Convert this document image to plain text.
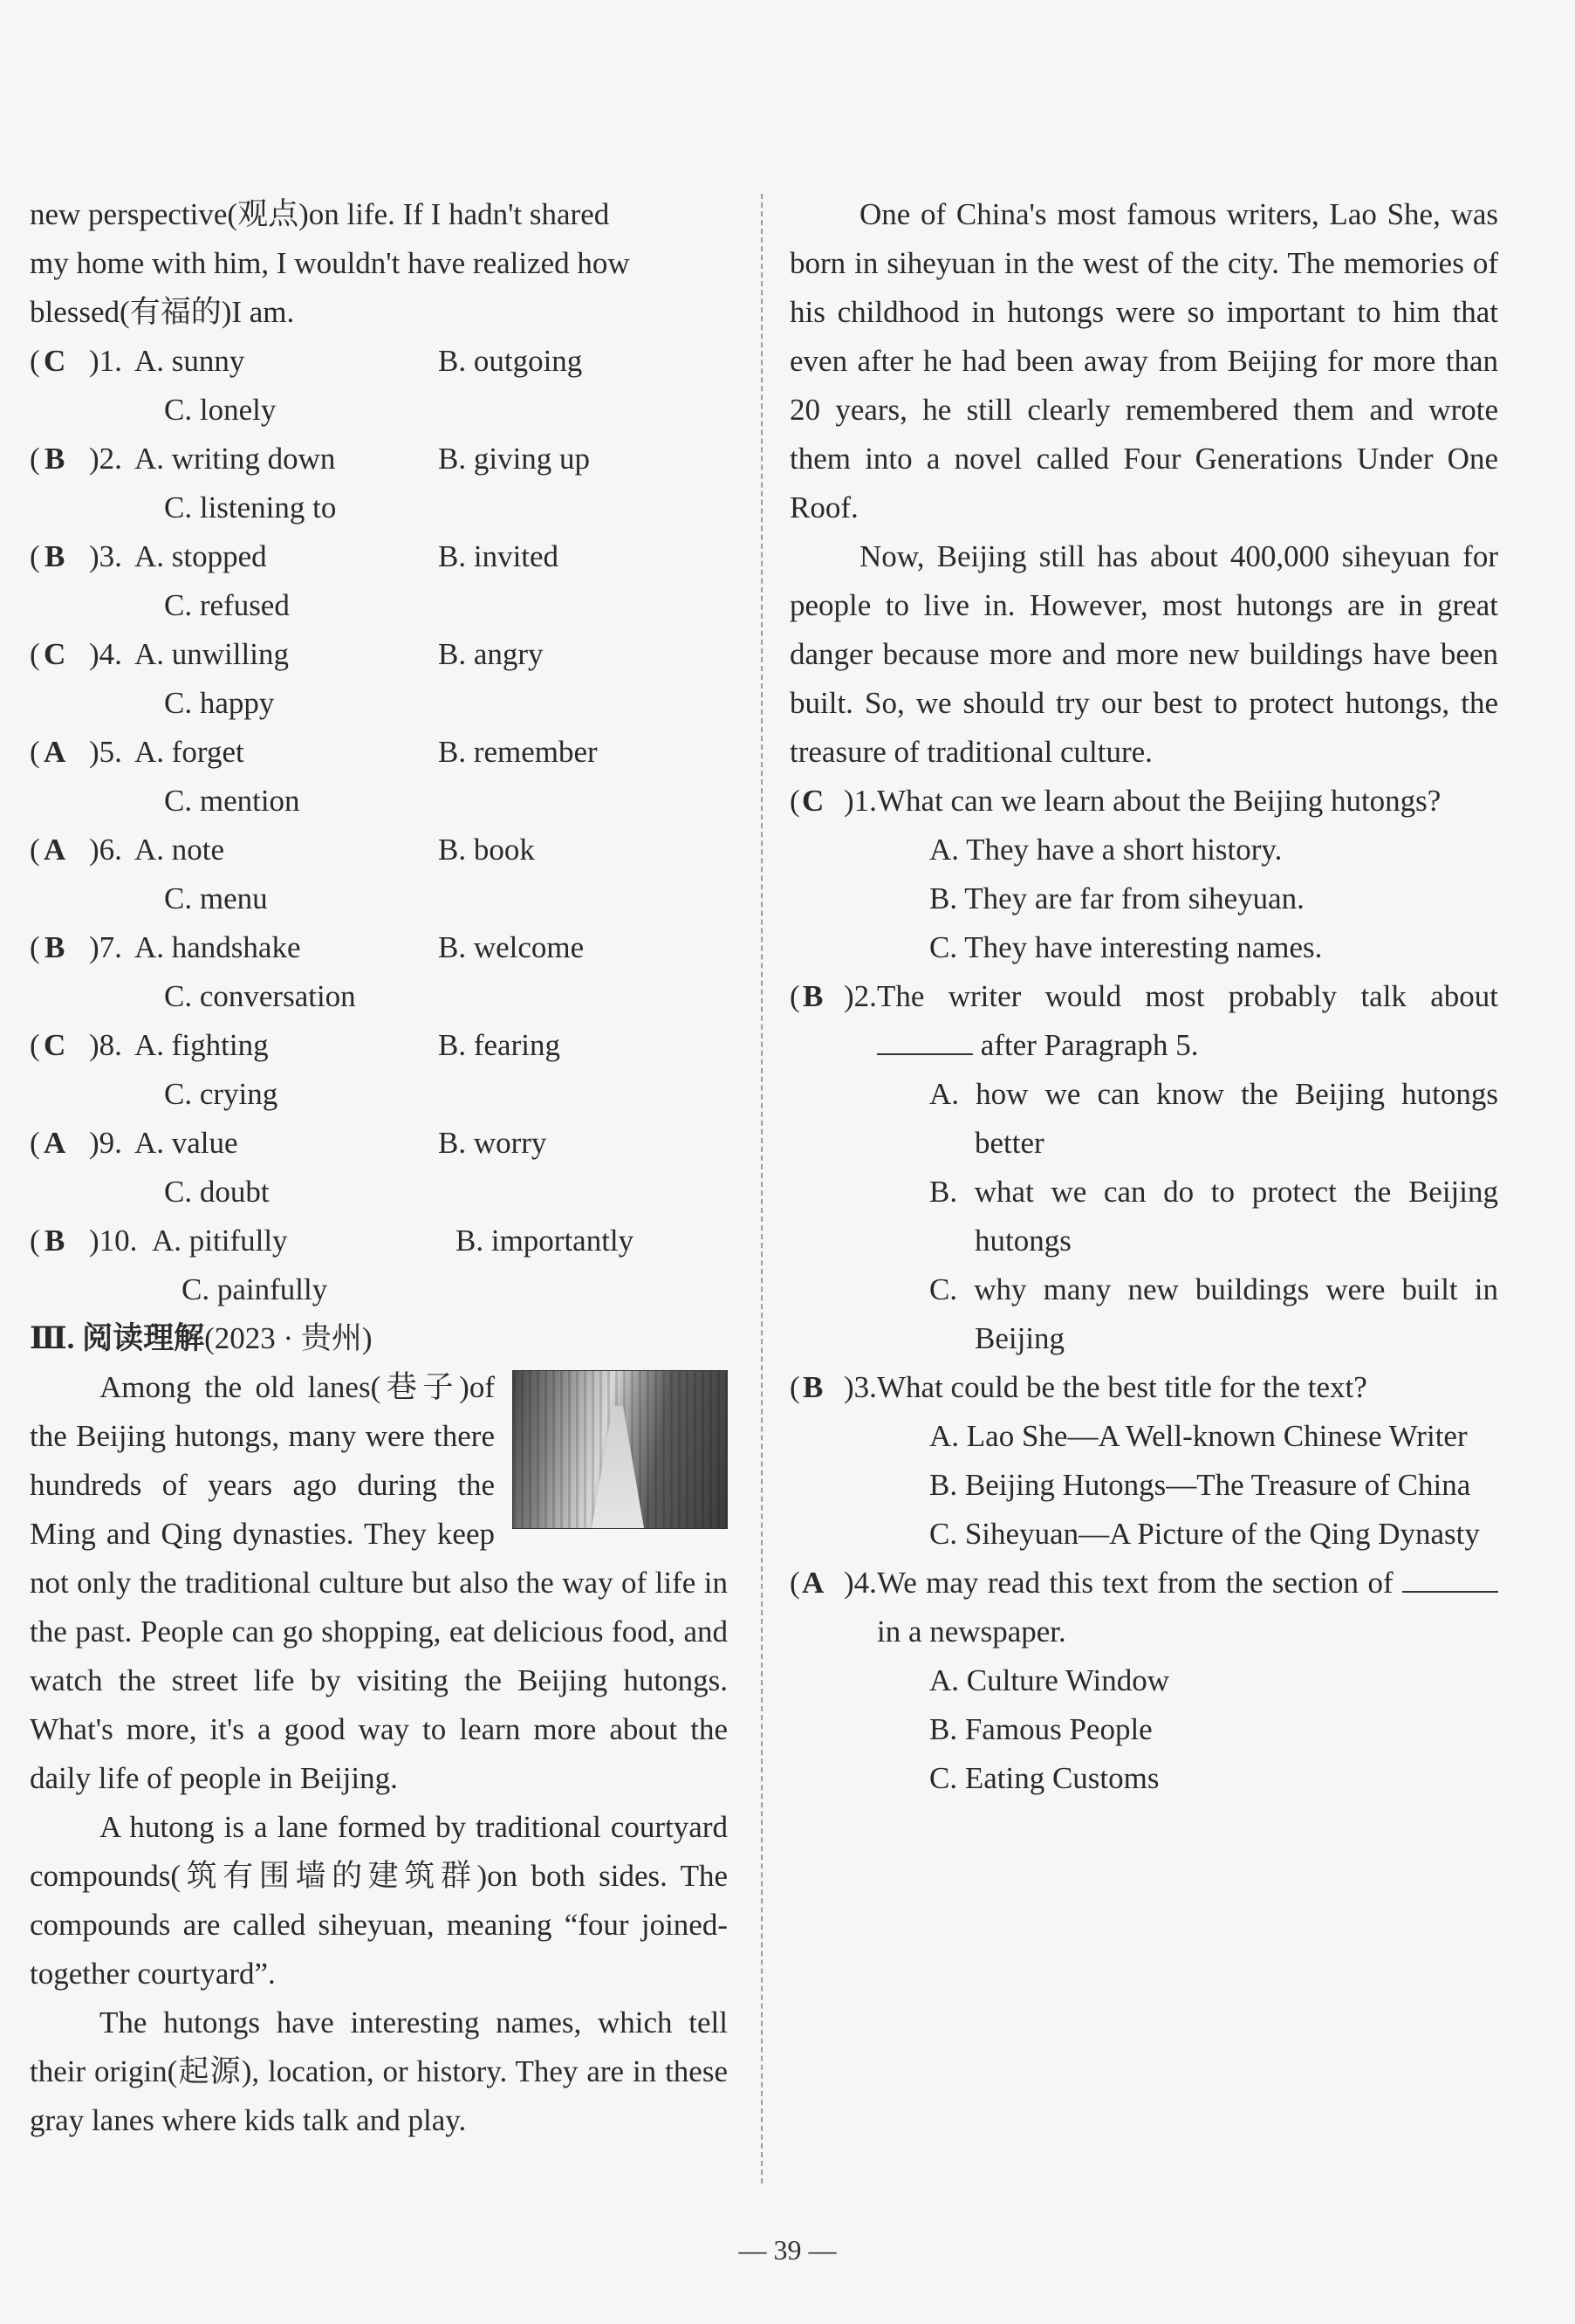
new perspective(观点)on life. If I hadn't shared

my home with him, I wouldn't have realized how

blessed(有福的)I am.

( C )1. A. sunny	B. outgoing
C. lonely
( B )2. A. writing down	B. giving up
C. listening to
( B )3. A. stopped	B. invited
C. refused
( C )4. A. unwilling	B. angry
C. happy
( A )5. A. forget	B. remember
C. mention
( A )6. A. note	B. book
C. menu
( B )7. A. handshake	B. welcome
C. conversation
( C )8. A. fighting	B. fearing
C. crying
( A )9. A. value	B. worry
C. doubt
( B )10. A. pitifully	B. importantly
C. painfully
Ⅲ. 阅读理解(2023 · 贵州)

Among the old lanes(巷子)of the Beijing hutongs, many were there hundreds of years ago during the Ming and Qing dynasties. They keep not only the traditional culture but also the way of life in the past. People can go shopping, eat delicious food, and watch the street life by visiting the Beijing hutongs. What's more, it's a good way to learn more about the daily life of people in Beijing.

A hutong is a lane formed by traditional courtyard compounds(筑有围墙的建筑群)on both sides. The compounds are called siheyuan, meaning “four joined-together courtyard”.

The hutongs have interesting names, which tell their origin(起源), location, or history. They are in these gray lanes where kids talk and play.

One of China's most famous writers, Lao She, was born in siheyuan in the west of the city. The memories of his childhood in hutongs were so important to him that even after he had been away from Beijing for more than 20 years, he still clearly remembered them and wrote them into a novel called Four Generations Under One Roof.

Now, Beijing still has about 400,000 siheyuan for people to live in. However, most hutongs are in great danger because more and more new buildings have been built. So, we should try our best to protect hutongs, the treasure of traditional culture.

(C )1. What can we learn about the Beijing hutongs?
A. They have a short history.
B. They are far from siheyuan.
C. They have interesting names.
(B )2. The writer would most probably talk about  after Paragraph 5.
A. how we can know the Beijing hutongs better
B. what we can do to protect the Beijing hutongs
C. why many new buildings were built in Beijing
(B )3. What could be the best title for the text?
A. Lao She—A Well-known Chinese Writer
B. Beijing Hutongs—The Treasure of China
C. Siheyuan—A Picture of the Qing Dynasty
(A )4. We may read this text from the section of  in a newspaper.
A. Culture Window
B. Famous People
C. Eating Customs
— 39 —
